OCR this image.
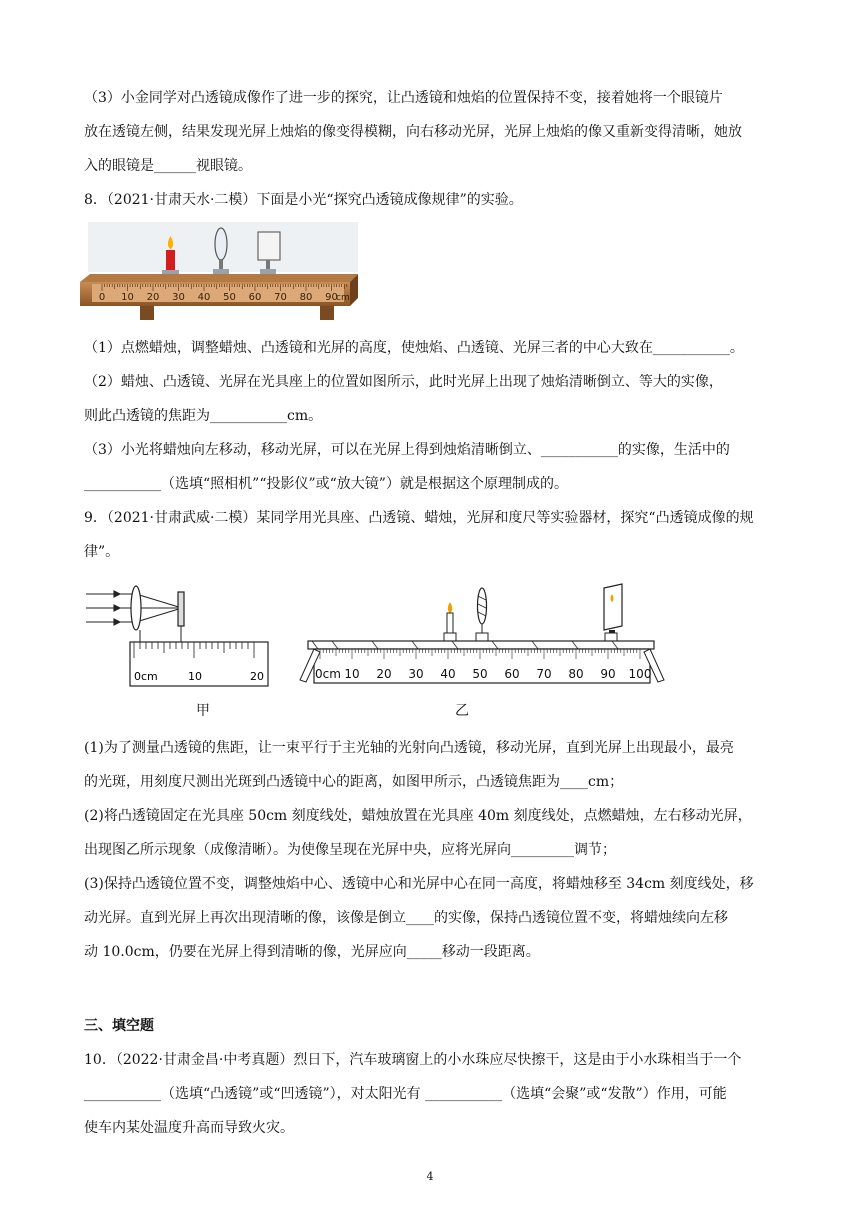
（3）小金同学对凸透镜成像作了进一步的探究，让凸透镜和烛焰的位置保持不变，接着她将一个眼镜片
放在透镜左侧，结果发现光屏上烛焰的像变得模糊，向右移动光屏，光屏上烛焰的像又重新变得清晰，她放
入的眼镜是______视眼镜。
8．（2021·甘肃天水·二模）下面是小光“探究凸透镜成像规律”的实验。
0 10 20 30 40 50 60 70 80 90
cm
（1）点燃蜡烛，调整蜡烛、凸透镜和光屏的高度，使烛焰、凸透镜、光屏三者的中心大致在___________。
（2）蜡烛、凸透镜、光屏在光具座上的位置如图所示，此时光屏上出现了烛焰清晰倒立、等大的实像，
则此凸透镜的焦距为___________cm。
（3）小光将蜡烛向左移动，移动光屏，可以在光屏上得到烛焰清晰倒立、___________的实像，生活中的
___________（选填“照相机”“投影仪”或“放大镜”）就是根据这个原理制成的。
9．（2021·甘肃武威·二模）某同学用光具座、凸透镜、蜡烛，光屏和度尺等实验器材，探究“凸透镜成像的规
律”。
0cm	10	20
甲
0cm 10 20 30 40 50 60 70 80 90 100
乙
(1)为了测量凸透镜的焦距，让一束平行于主光轴的光射向凸透镜，移动光屏，直到光屏上出现最小，最亮
的光斑，用刻度尺测出光斑到凸透镜中心的距离，如图甲所示，凸透镜焦距为____cm；
(2)将凸透镜固定在光具座 50cm 刻度线处，蜡烛放置在光具座 40m 刻度线处，点燃蜡烛，左右移动光屏，
出现图乙所示现象（成像清晰）。为使像呈现在光屏中央，应将光屏向_________调节；
(3)保持凸透镜位置不变，调整烛焰中心、透镜中心和光屏中心在同一高度，将蜡烛移至 34cm 刻度线处，移
动光屏。直到光屏上再次出现清晰的像，该像是倒立____的实像，保持凸透镜位置不变，将蜡烛续向左移
动 10.0cm，仍要在光屏上得到清晰的像，光屏应向_____移动一段距离。
三、填空题
10．（2022·甘肃金昌·中考真题）烈日下，汽车玻璃窗上的小水珠应尽快擦干，这是由于小水珠相当于一个
___________（选填“凸透镜”或“凹透镜”），对太阳光有 ___________（选填“会聚”或“发散”）作用，可能
使车内某处温度升高而导致火灾。
4
